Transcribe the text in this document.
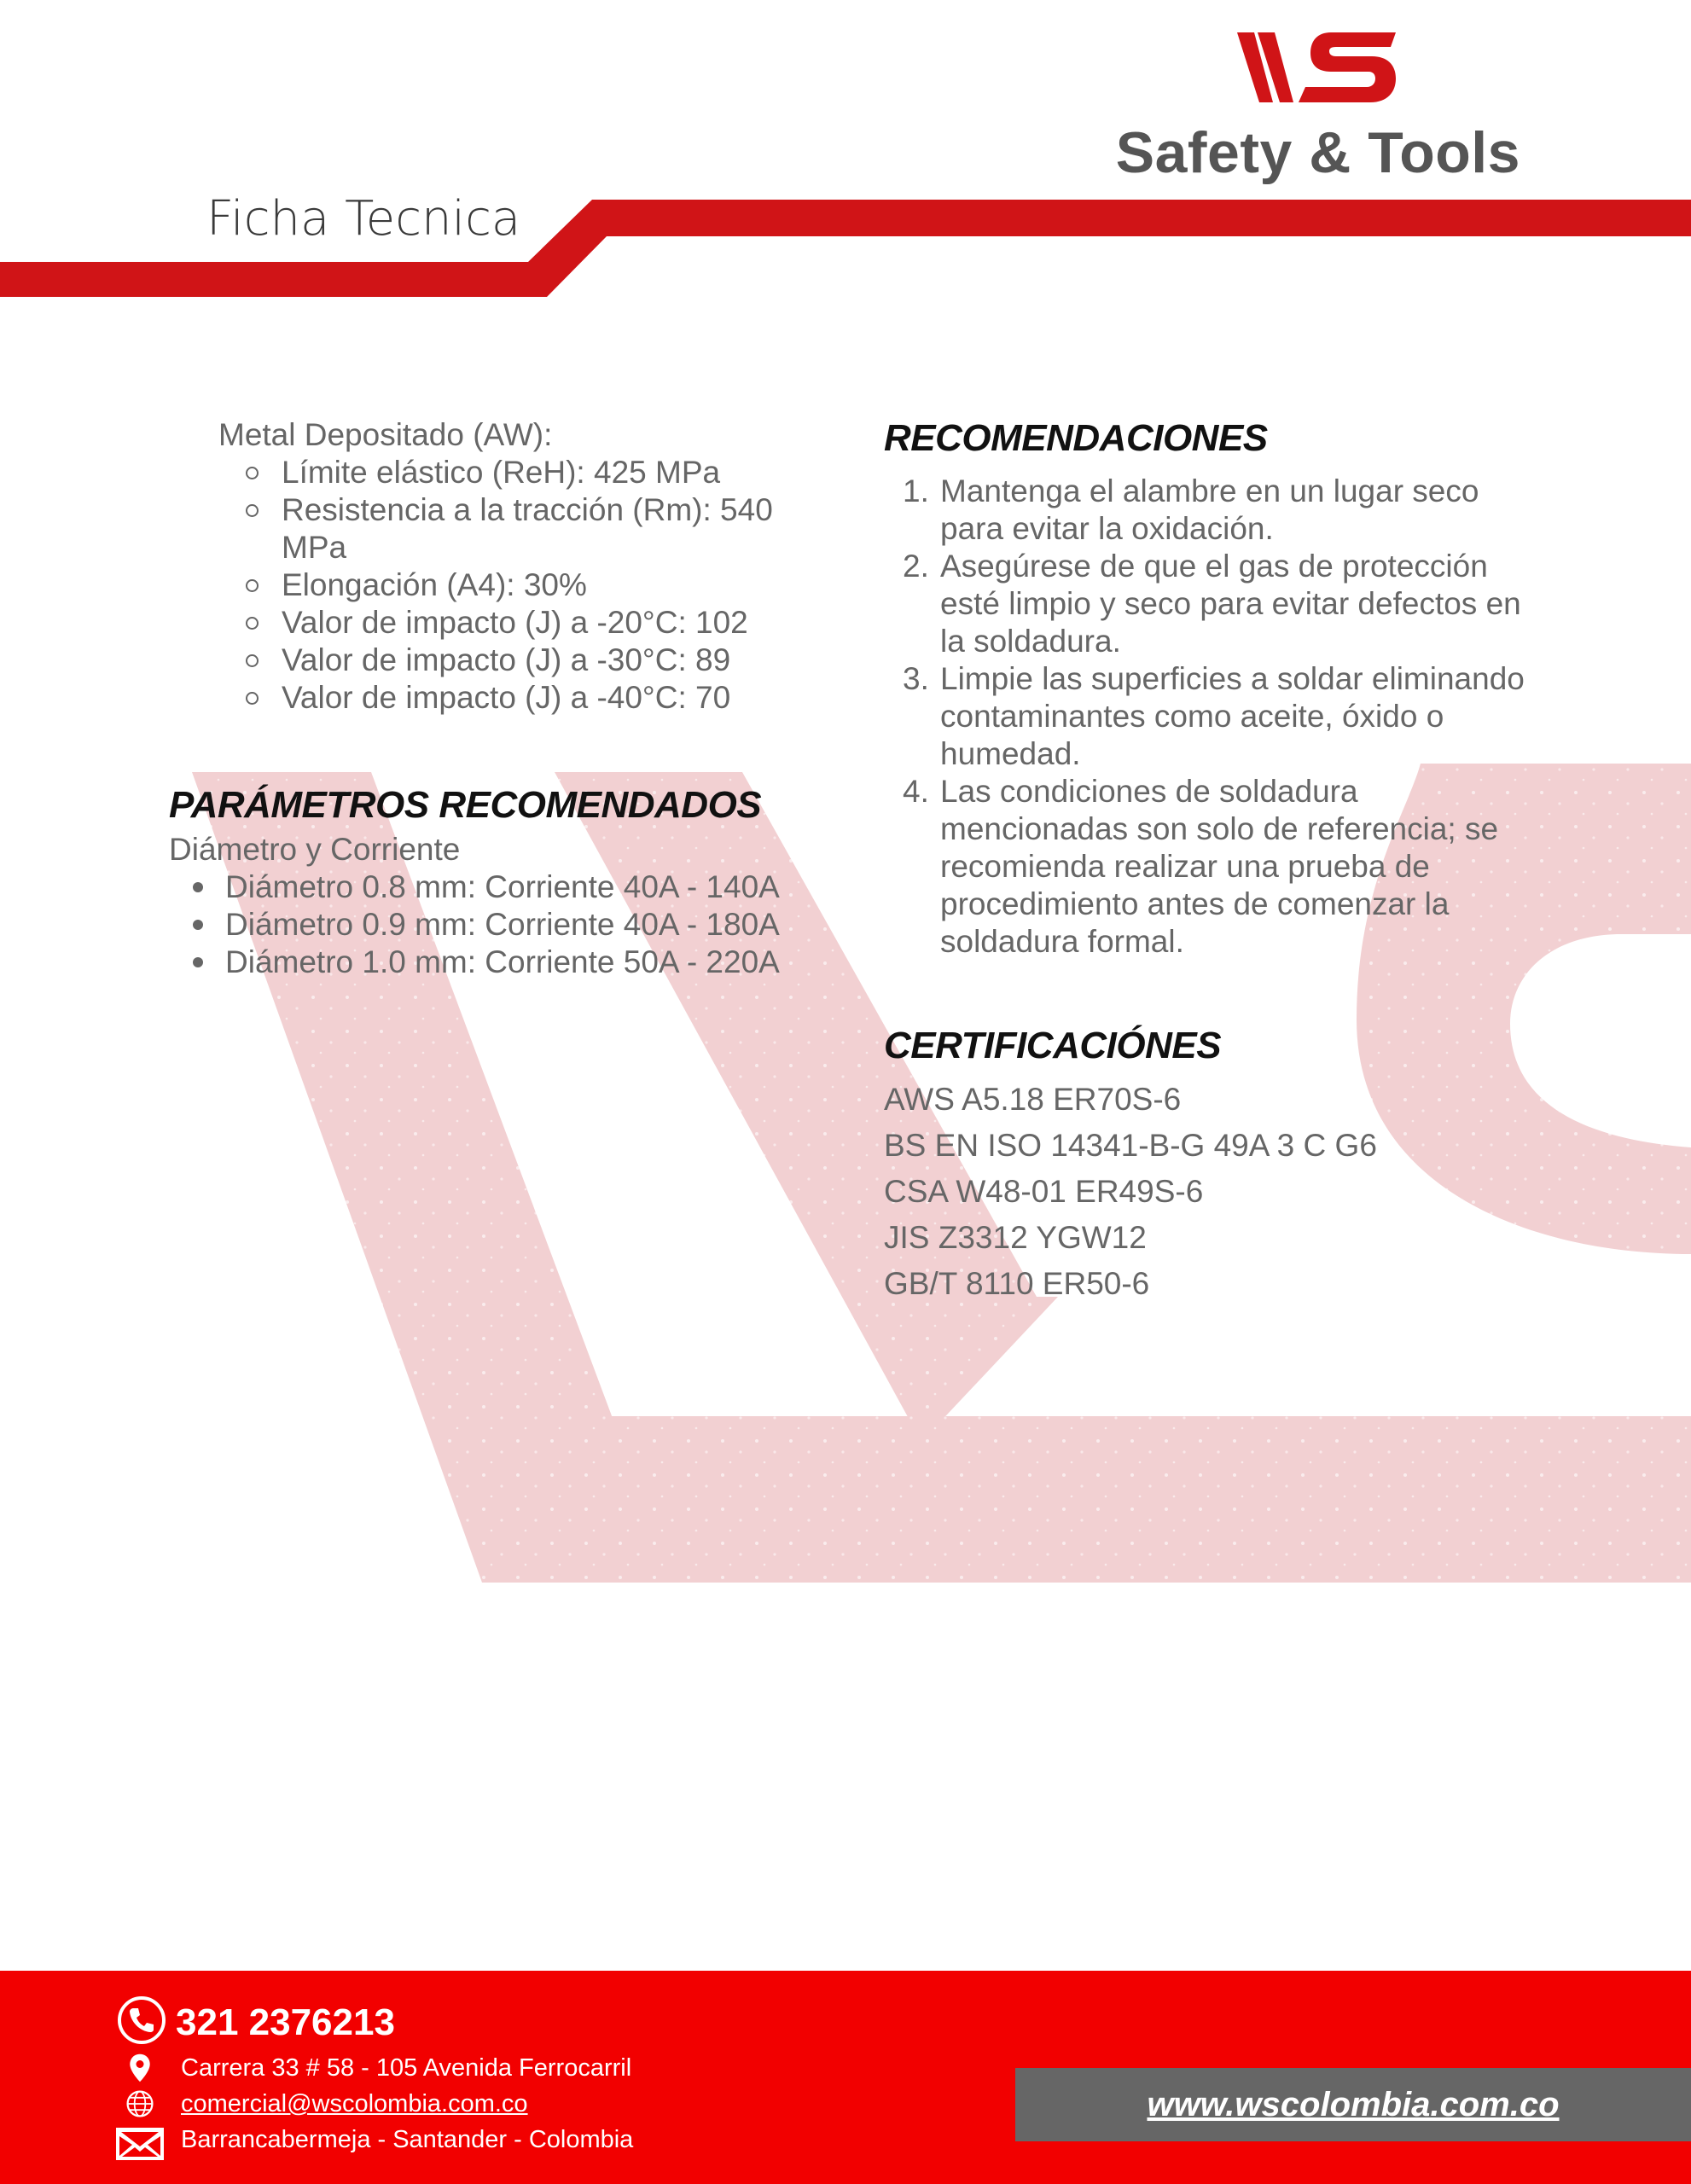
Safety & Tools
Ficha Tecnica
Metal Depositado (AW):
Límite elástico (ReH): 425 MPa
Resistencia a la tracción (Rm): 540 MPa
Elongación (A4): 30%
Valor de impacto (J) a -20°C: 102
Valor de impacto (J) a -30°C: 89
Valor de impacto (J) a -40°C: 70
PARÁMETROS RECOMENDADOS
Diámetro y Corriente
Diámetro 0.8 mm: Corriente 40A - 140A
Diámetro 0.9 mm: Corriente 40A - 180A
Diámetro 1.0 mm: Corriente 50A - 220A
RECOMENDACIONES
1. Mantenga el alambre en un lugar seco para evitar la oxidación.
2. Asegúrese de que el gas de protección esté limpio y seco para evitar defectos en la soldadura.
3. Limpie las superficies a soldar eliminando contaminantes como aceite, óxido o humedad.
4. Las condiciones de soldadura mencionadas son solo de referencia; se recomienda realizar una prueba de procedimiento antes de comenzar la soldadura formal.
CERTIFICACIÓNES
AWS A5.18 ER70S-6
BS EN ISO 14341-B-G 49A 3 C G6
CSA W48-01 ER49S-6
JIS Z3312 YGW12
GB/T 8110 ER50-6
321 2376213
Carrera 33 # 58 - 105 Avenida Ferrocarril
comercial@wscolombia.com.co
Barrancabermeja - Santander - Colombia
www.wscolombia.com.co
